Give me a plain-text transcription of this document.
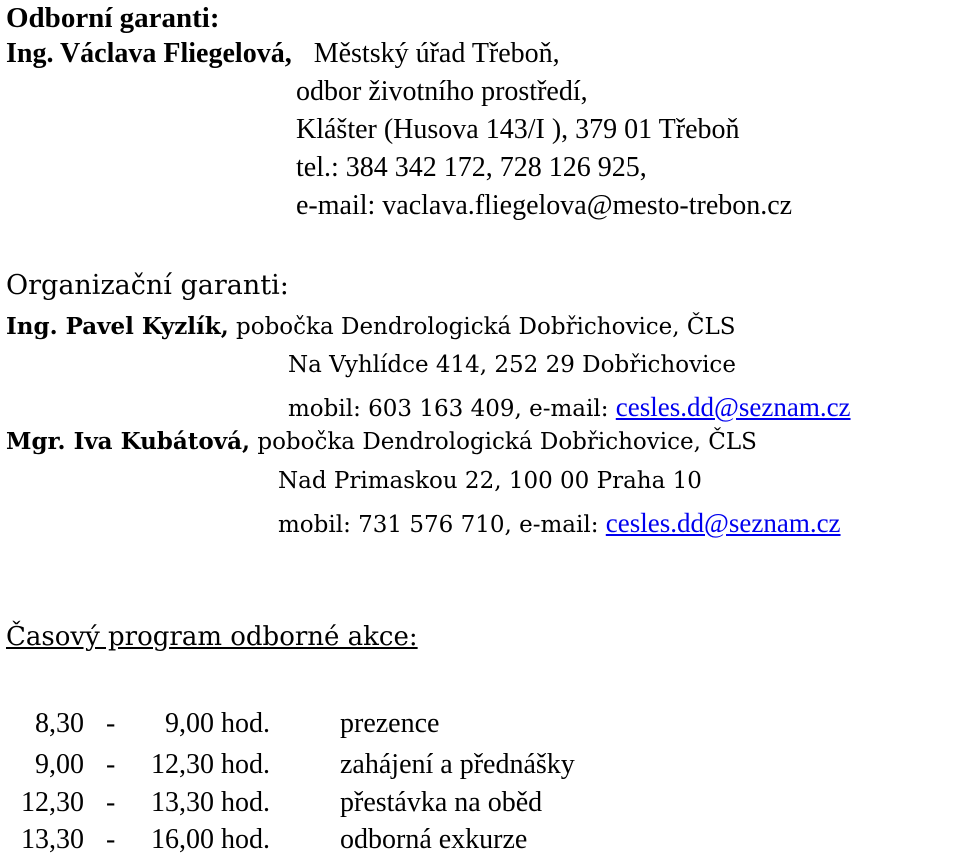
Odborní garanti:
Ing. Václava Fliegelová, Městský úřad Třeboň,
odbor životního prostředí,
Klášter (Husova 143/I ), 379 01 Třeboň
tel.: 384 342 172, 728 126 925,
e-mail: vaclava.fliegelova@mesto-trebon.cz
Organizační garanti:
Ing. Pavel Kyzlík, pobočka Dendrologická Dobřichovice, ČLS
Na Vyhlídce 414, 252 29 Dobřichovice
mobil: 603 163 409, e-mail: cesles.dd@seznam.cz
Mgr. Iva Kubátová, pobočka Dendrologická Dobřichovice, ČLS
Nad Primaskou 22, 100 00 Praha 10
mobil: 731 576 710, e-mail: cesles.dd@seznam.cz
Časový program odborné akce:
8,30 -	9,00 hod.	prezence
9,00 -	12,30 hod.	zahájení a přednášky
12,30 -	13,30 hod.	přestávka na oběd
13,30 -	16,00 hod.	odborná exkurze
